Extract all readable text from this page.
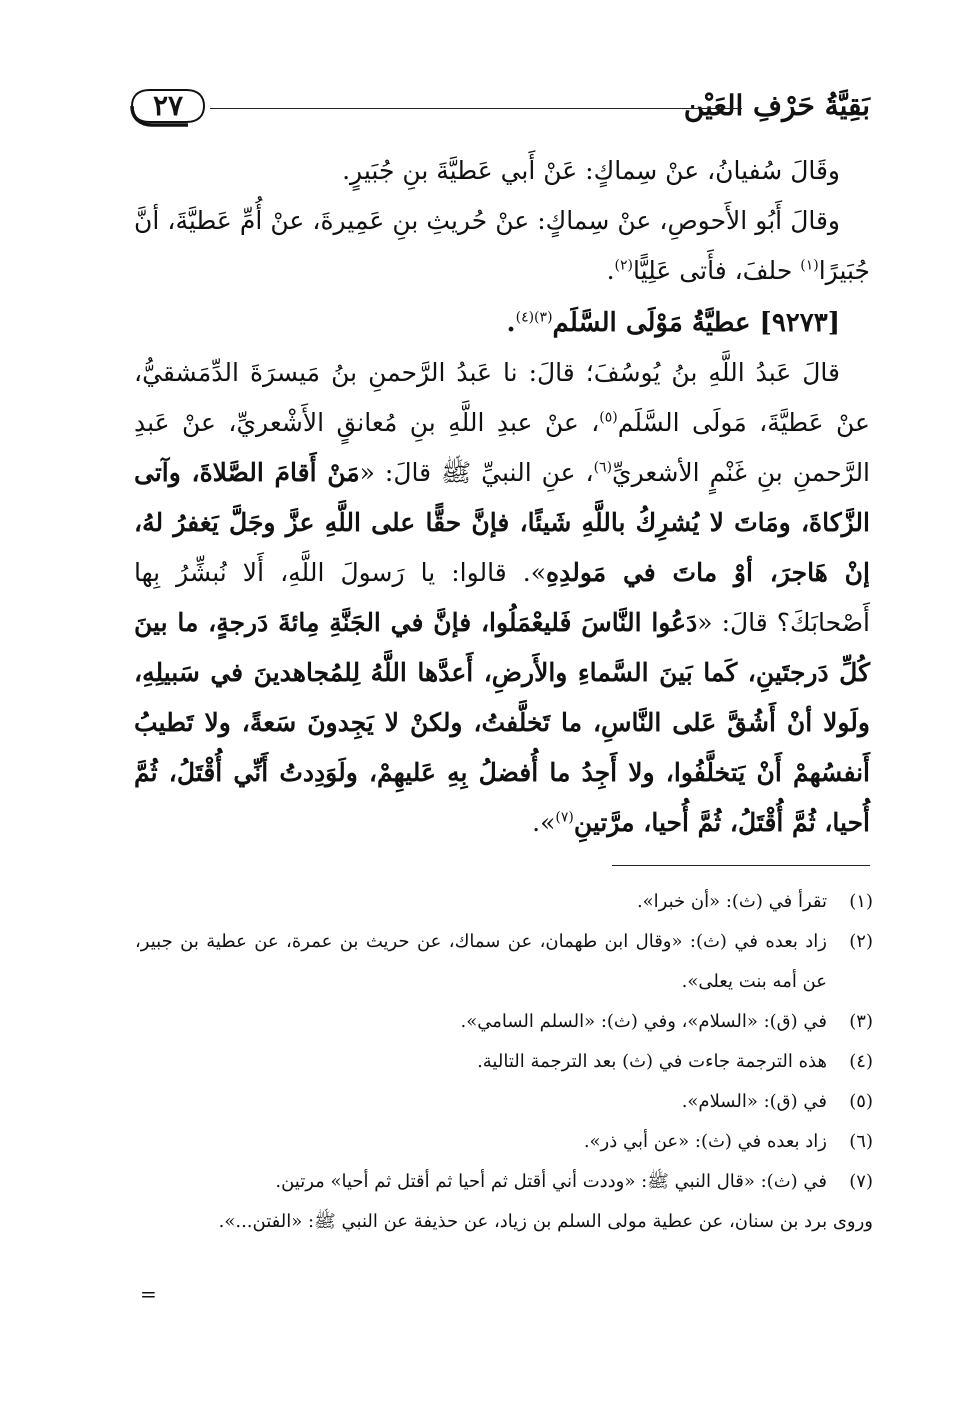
بَقِيَّةُ حَرْفِ العَيْن
٢٧

وقَالَ سُفيانُ، عنْ سِماكٍ: عَنْ أَبي عَطيَّةَ بنِ جُبَيرٍ.

وقالَ أَبُو الأَحوصِ، عنْ سِماكٍ: عنْ حُريثِ بنِ عَمِيرةَ، عنْ أُمِّ عَطيَّةَ، أنَّ جُبَيرًا$^{(١)}$ حلفَ، فأَتى عَلِيًّا$^{(٢)}$.

[٩٢٧٣] عطيَّةُ مَوْلَى السَّلَم$^{(٣)(٤)}$.

قالَ عَبدُ اللَّهِ بنُ يُوسُفَ؛ قالَ: نا عَبدُ الرَّحمنِ بنُ مَيسرَةَ الدِّمَشقيُّ، عنْ عَطيَّةَ، مَولَى السَّلَم$^{(٥)}$، عنْ عبدِ اللَّهِ بنِ مُعانقٍ الأَشْعريِّ، عنْ عَبدِ الرَّحمنِ بنِ غَنْمٍ الأشعريِّ$^{(٦)}$، عنِ النبيِّ ﷺ قالَ: «مَنْ أَقامَ الصَّلاةَ، وآتى الزَّكاةَ، ومَاتَ لا يُشرِكُ باللَّهِ شَيئًا، فإنَّ حقًّا على اللَّهِ عزَّ وجَلَّ يَغفرُ لهُ، إنْ هَاجرَ، أوْ ماتَ في مَولدِهِ». قالوا: يا رَسولَ اللَّهِ، أَلا نُبشِّرُ بِها أَصْحابَكَ؟ قالَ: «دَعُوا النَّاسَ فَليعْمَلُوا، فإنَّ في الجَنَّةِ مِائةَ دَرجةٍ، ما بينَ كُلِّ دَرجتَينِ، كَما بَينَ السَّماءِ والأَرضِ، أَعدَّها اللَّهُ لِلمُجاهدينَ في سَبيلِهِ، ولَولا أنْ أَشُقَّ عَلى النَّاسِ، ما تَخلَّفتُ، ولكنْ لا يَجِدونَ سَعةً، ولا تَطيبُ أَنفسُهمْ أَنْ يَتخلَّفُوا، ولا أَجِدُ ما أُفضلُ بِهِ عَليهِمْ، ولَوَدِدتُ أَنِّي أُقْتَلُ، ثُمَّ أُحيا، ثُمَّ أُقْتَلُ، ثُمَّ أُحيا، مرَّتينِ$^{(٧)}$».

(١)
تقرأ في (ث): «أن خبرا».
(٢)
زاد بعده في (ث): «وقال ابن طهمان، عن سماك، عن حريث بن عمرة، عن عطية بن جبير، عن أمه بنت يعلى».
(٣)
في (ق): «السلام»، وفي (ث): «السلم السامي».
(٤)
هذه الترجمة جاءت في (ث) بعد الترجمة التالية.
(٥)
في (ق): «السلام».
(٦)
زاد بعده في (ث): «عن أبي ذر».
(٧)
في (ث): «قال النبي ﷺ: «وددت أني أقتل ثم أحيا ثم أقتل ثم أحيا» مرتين.
وروى برد بن سنان، عن عطية مولى السلم بن زياد، عن حذيفة عن النبي ﷺ: «الفتن...».
=
